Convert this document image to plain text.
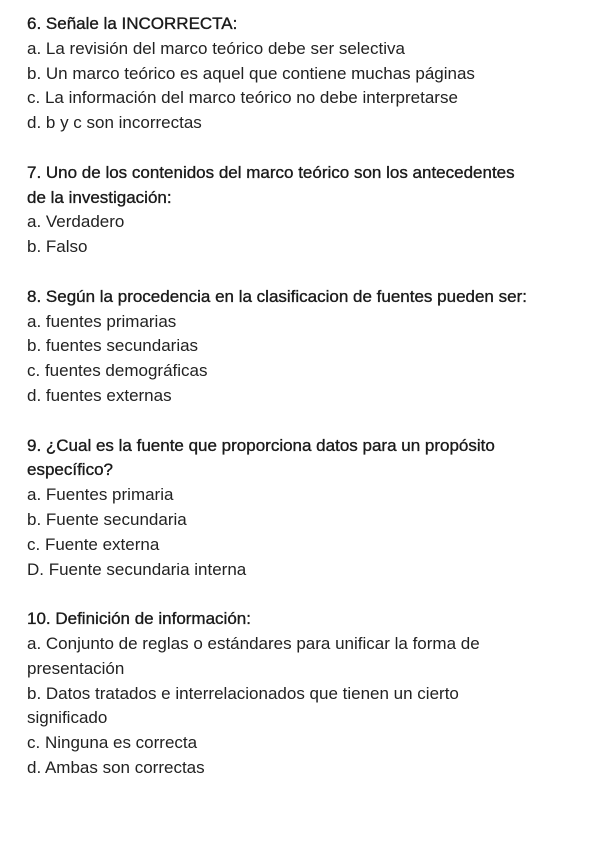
6. Señale la INCORRECTA:

a. La revisión del marco teórico debe ser selectiva

b. Un marco teórico es aquel que contiene muchas páginas

c. La información del marco teórico no debe interpretarse

d. b y c son incorrectas

7. Uno de los contenidos del marco teórico son los antecedentes

de la investigación:

a. Verdadero

b. Falso

8. Según la procedencia en la clasificacion de fuentes pueden ser:

a. fuentes primarias

b. fuentes secundarias

c. fuentes demográficas

d. fuentes externas

9. ¿Cual es la fuente que proporciona datos para un propósito

específico?

a. Fuentes primaria

b. Fuente secundaria

c. Fuente externa

D. Fuente secundaria interna

10. Definición de información:

a. Conjunto de reglas o estándares para unificar la forma de

presentación

b. Datos tratados e interrelacionados que tienen un cierto

significado

c. Ninguna es correcta

d. Ambas son correctas
